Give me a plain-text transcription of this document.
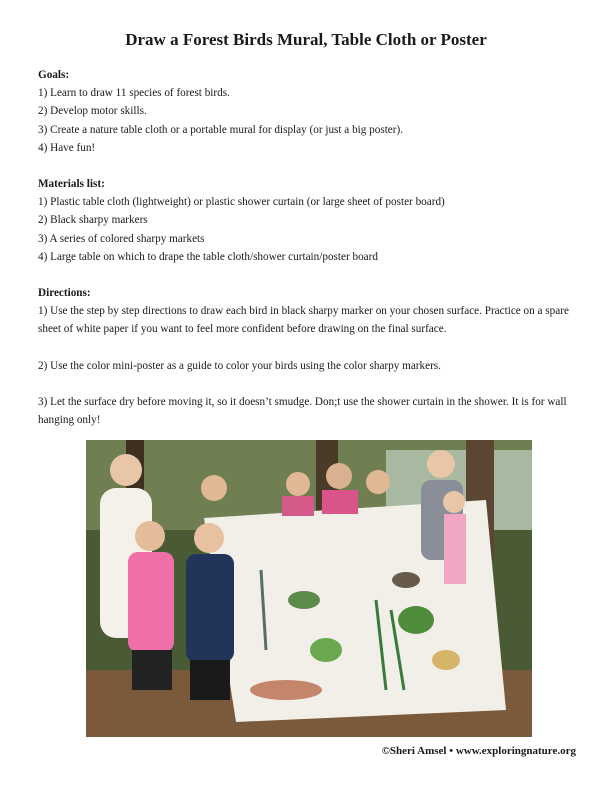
Draw a Forest Birds Mural, Table Cloth or Poster
Goals:
1) Learn to draw 11 species of forest birds.
2) Develop motor skills.
3) Create a nature table cloth or a portable mural for display (or just a big poster).
4) Have fun!
Materials list:
1) Plastic table cloth (lightweight) or plastic shower curtain (or large sheet of poster board)
2) Black sharpy markers
3) A series of colored sharpy markets
4) Large table on which to drape the table cloth/shower curtain/poster board
Directions:
1) Use the step by step directions to draw each bird in black sharpy marker on your chosen surface. Practice on a spare sheet of white paper if you want to feel more confident before drawing on the final surface.
2) Use the color mini-poster as a guide to color your birds using the color sharpy markers.
3) Let the surface dry before moving it, so it doesn’t smudge. Don;t use the shower curtain in the shower. It is for wall hanging only!
©Sheri Amsel • www.exploringnature.org
